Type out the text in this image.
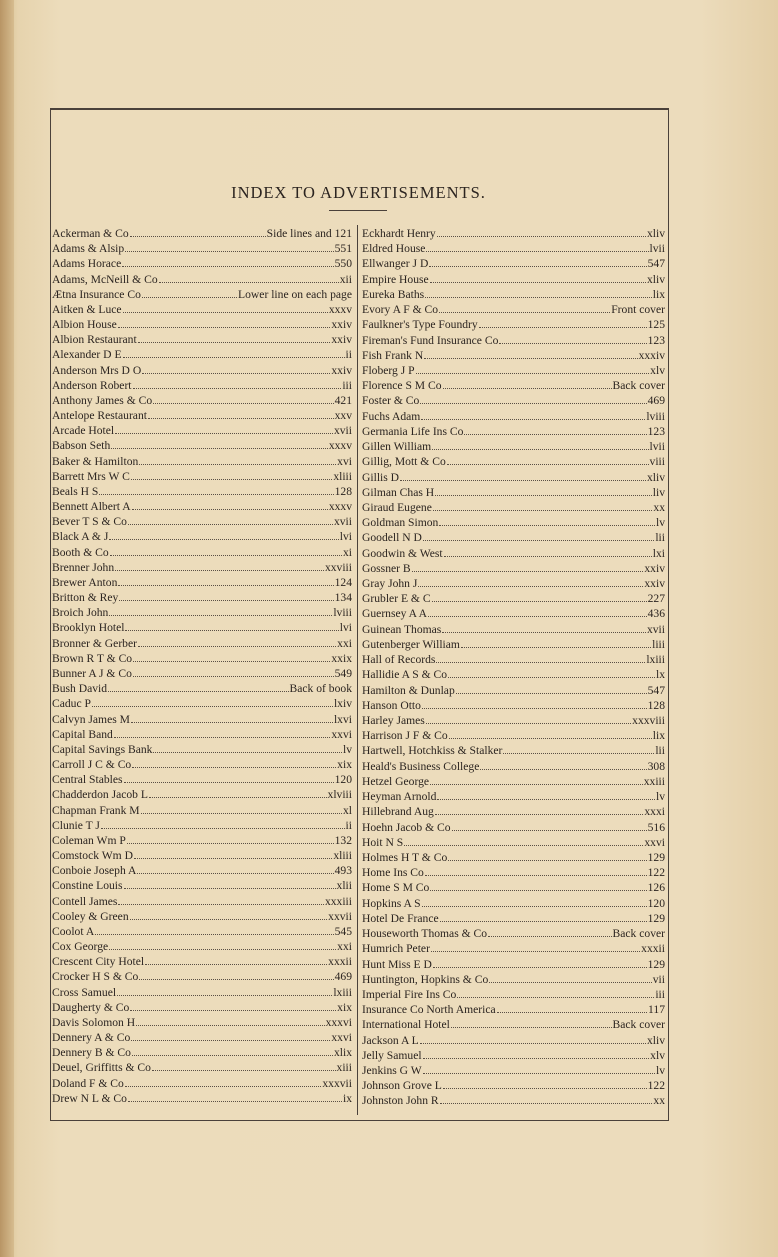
INDEX TO ADVERTISEMENTS.
Ackerman & Co	Side lines and 121
Adams & Alsip	551
Adams Horace	550
Adams, McNeill & Co	xii
Ætna Insurance Co	Lower line on each page
Aitken & Luce	xxxv
Albion House	xxiv
Albion Restaurant	xxiv
Alexander D E	ii
Anderson Mrs D O	xxiv
Anderson Robert	iii
Anthony James & Co	421
Antelope Restaurant	xxv
Arcade Hotel	xvii
Babson Seth	xxxv
Baker & Hamilton	xvi
Barrett Mrs W C	xliii
Beals H S	128
Bennett Albert A	xxxv
Bever T S & Co	xvii
Black A & J	lvi
Booth & Co	xi
Brenner John	xxviii
Brewer Anton	124
Britton & Rey	134
Broich John	lviii
Brooklyn Hotel	lvi
Bronner & Gerber	xxi
Brown R T & Co	xxix
Bunner A J & Co	549
Bush David	Back of book
Caduc P	lxiv
Calvyn James M	lxvi
Capital Band	xxvi
Capital Savings Bank	lv
Carroll J C & Co	xix
Central Stables	120
Chadderdon Jacob L	xlviii
Chapman Frank M	xl
Clunie T J	ii
Coleman Wm P	132
Comstock Wm D	xliii
Conboie Joseph A	493
Constine Louis	xlii
Contell James	xxxiii
Cooley & Green	xxvii
Coolot A	545
Cox George	xxi
Crescent City Hotel	xxxii
Crocker H S & Co	469
Cross Samuel	lxiii
Daugherty & Co	xix
Davis Solomon H	xxxvi
Dennery A & Co	xxvi
Dennery B & Co	xlix
Deuel, Griffitts & Co	xiii
Doland F & Co	xxxvii
Drew N L & Co	ix
Eckhardt Henry	xliv
Eldred House	lvii
Ellwanger J D	547
Empire House	xliv
Eureka Baths	lix
Evory A F & Co	Front cover
Faulkner's Type Foundry	125
Fireman's Fund Insurance Co	123
Fish Frank N	xxxiv
Floberg J P	xlv
Florence S M Co	Back cover
Foster & Co	469
Fuchs Adam	lviii
Germania Life Ins Co	123
Gillen William	lvii
Gillig, Mott & Co	viii
Gillis D	xliv
Gilman Chas H	liv
Giraud Eugene	xx
Goldman Simon	lv
Goodell N D	lii
Goodwin & West	lxi
Gossner B	xxiv
Gray John J	xxiv
Grubler E & C	227
Guernsey A A	436
Guinean Thomas	xvii
Gutenberger William	liii
Hall of Records	lxiii
Hallidie A S & Co	lx
Hamilton & Dunlap	547
Hanson Otto	128
Harley James	xxxviii
Harrison J F & Co	lix
Hartwell, Hotchkiss & Stalker	lii
Heald's Business College	308
Hetzel George	xxiii
Heyman Arnold	lv
Hillebrand Aug	xxxi
Hoehn Jacob & Co	516
Hoit N S	xxvi
Holmes H T & Co	129
Home Ins Co	122
Home S M Co	126
Hopkins A S	120
Hotel De France	129
Houseworth Thomas & Co	Back cover
Humrich Peter	xxxii
Hunt Miss E D	129
Huntington, Hopkins & Co	vii
Imperial Fire Ins Co	iii
Insurance Co North America	117
International Hotel	Back cover
Jackson A L	xliv
Jelly Samuel	xlv
Jenkins G W	lv
Johnson Grove L	122
Johnston John R	xx
